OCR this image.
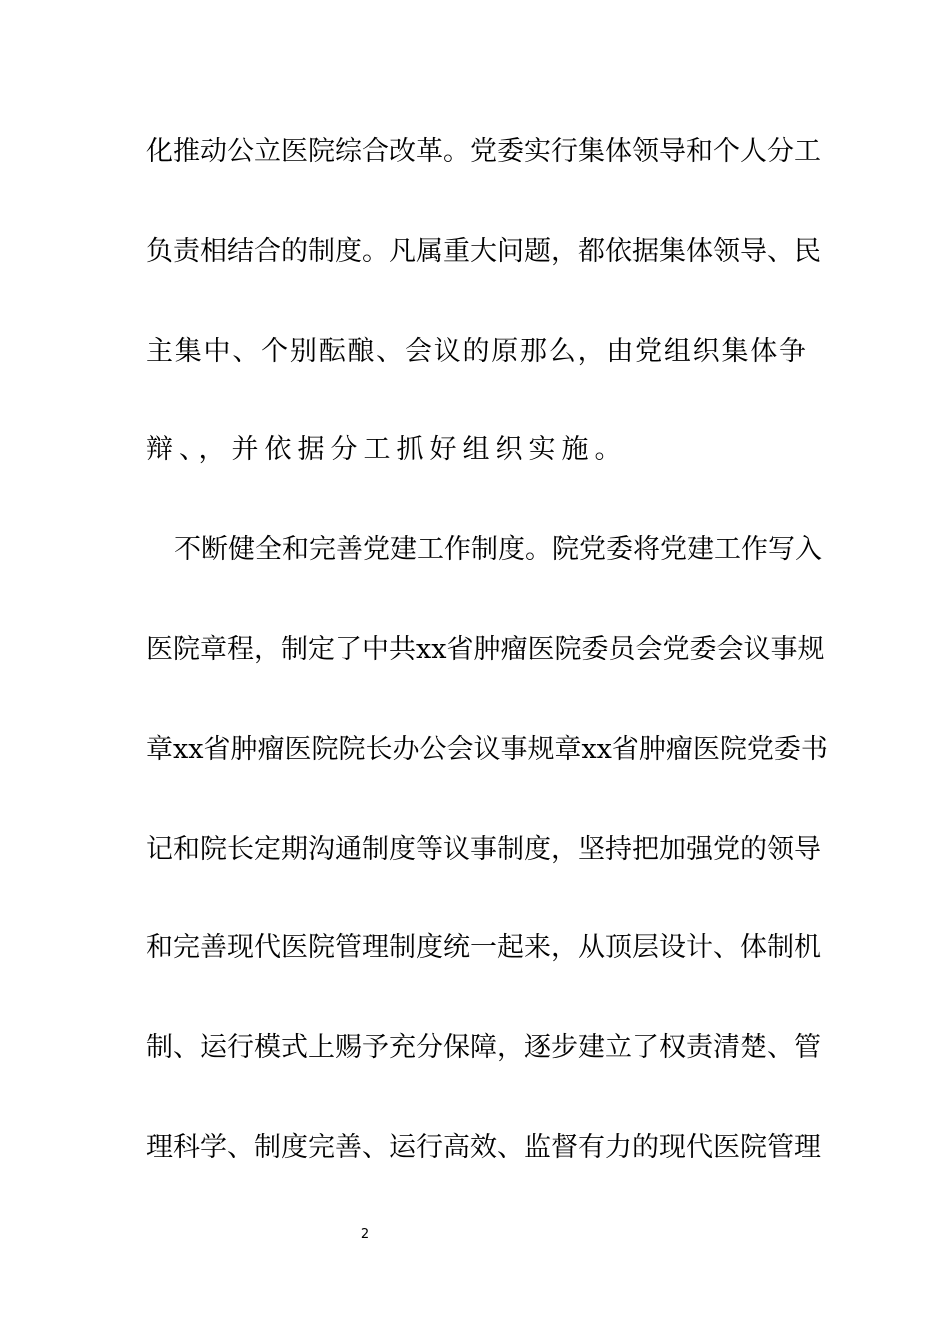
化推动公立医院综合改革。党委实行集体领导和个人分工
负责相结合的制度。凡属重大问题，都依据集体领导、民
主集中、个别酝酿、会议的原那么，由党组织集体争
辩、，并依据分工抓好组织实施。
不断健全和完善党建工作制度。院党委将党建工作写入
医院章程，制定了中共xx省肿瘤医院委员会党委会议事规
章xx省肿瘤医院院长办公会议事规章xx省肿瘤医院党委书
记和院长定期沟通制度等议事制度，坚持把加强党的领导
和完善现代医院管理制度统一起来，从顶层设计、体制机
制、运行模式上赐予充分保障，逐步建立了权责清楚、管
理科学、制度完善、运行高效、监督有力的现代医院管理
2
